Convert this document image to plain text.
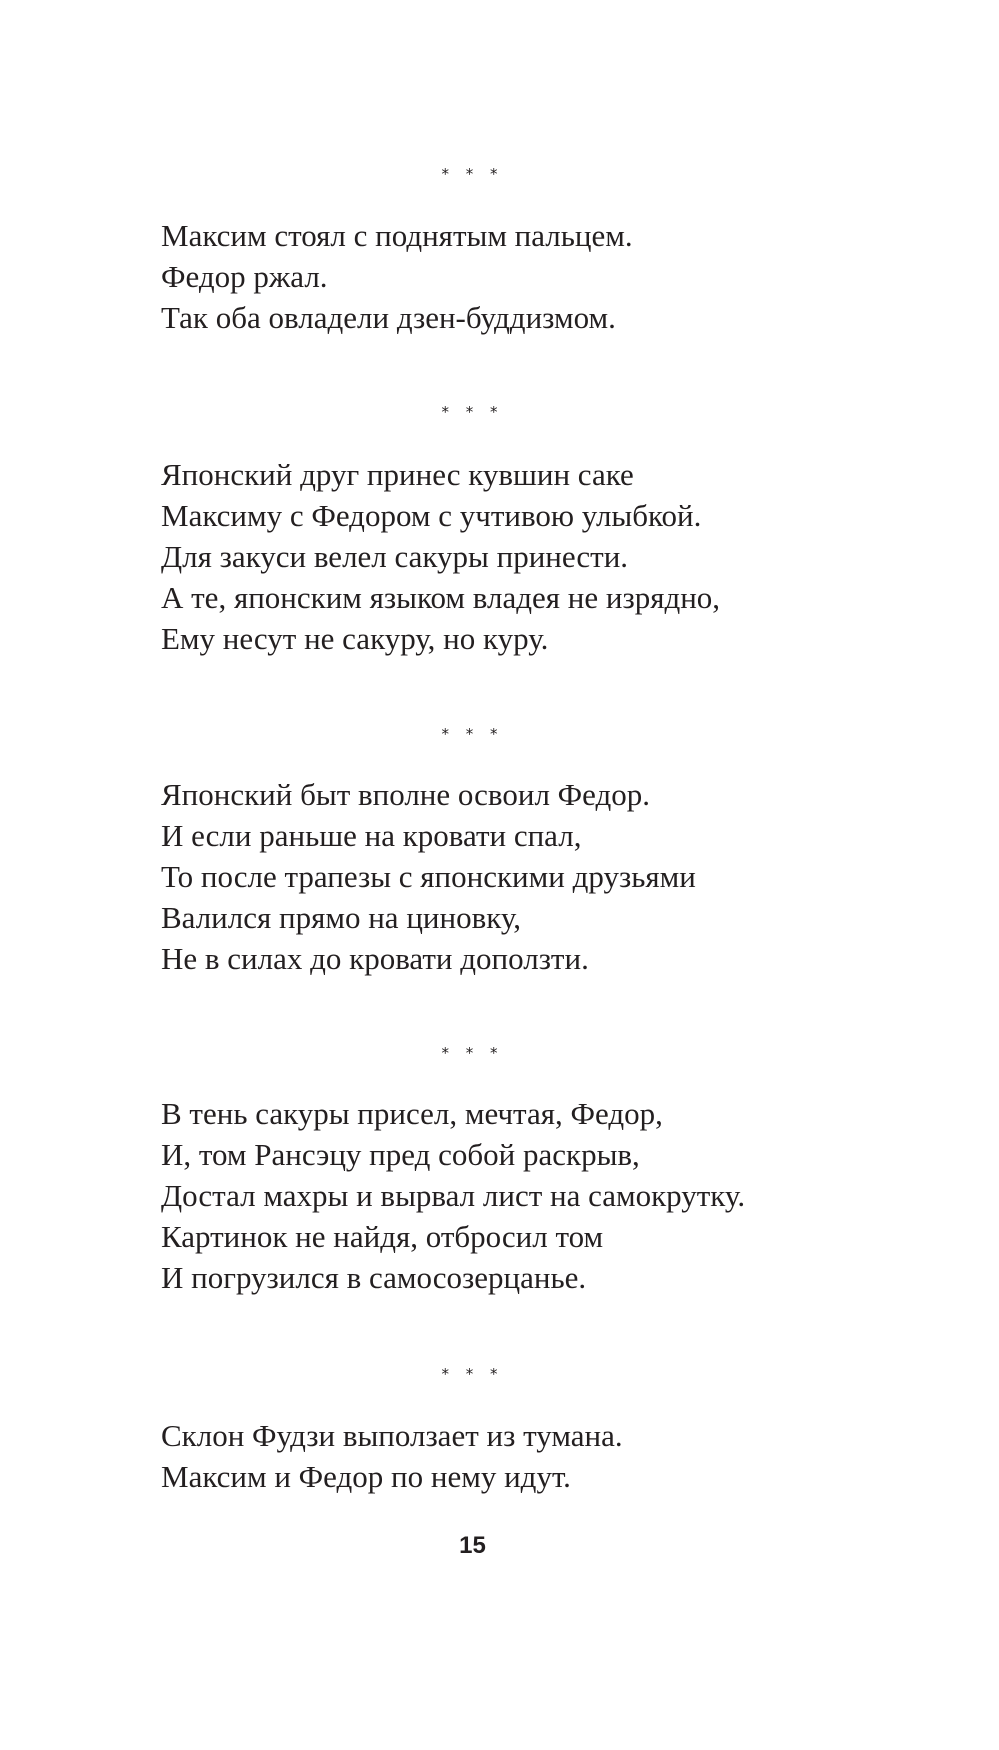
* * *
Максим стоял с поднятым пальцем.
Федор ржал.
Так оба овладели дзен-буддизмом.
* * *
Японский друг принес кувшин саке
Максиму с Федором с учтивою улыбкой.
Для закуси велел сакуры принести.
А те, японским языком владея не изрядно,
Ему несут не сакуру, но куру.
* * *
Японский быт вполне освоил Федор.
И если раньше на кровати спал,
То после трапезы с японскими друзьями
Валился прямо на циновку,
Не в силах до кровати доползти.
* * *
В тень сакуры присел, мечтая, Федор,
И, том Рансэцу пред собой раскрыв,
Достал махры и вырвал лист на самокрутку.
Картинок не найдя, отбросил том
И погрузился в самосозерцанье.
* * *
Склон Фудзи выползает из тумана.
Максим и Федор по нему идут.
15
